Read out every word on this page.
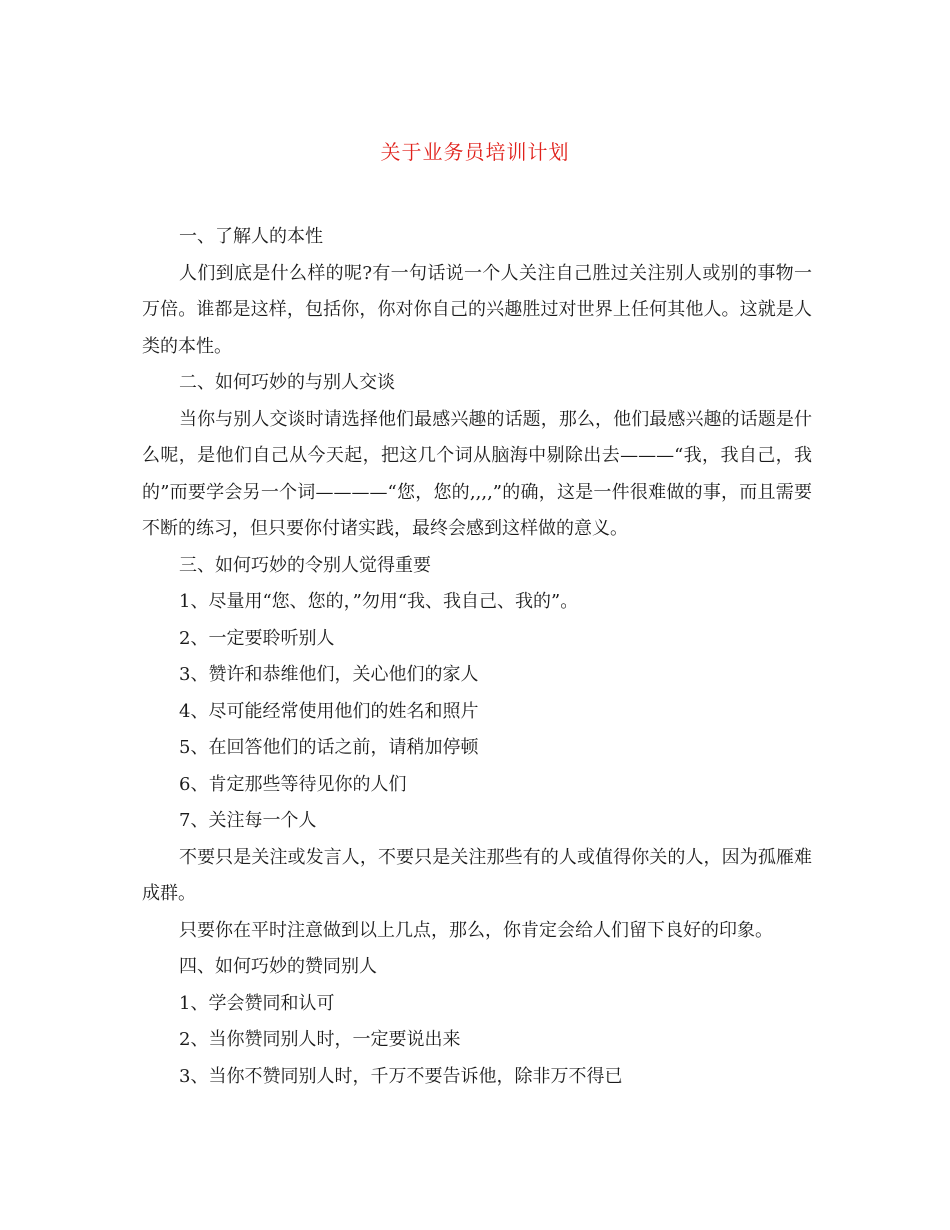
关于业务员培训计划

一、了解人的本性

人们到底是什么样的呢?有一句话说一个人关注自己胜过关注别人或别的事物一万倍。谁都是这样，包括你，你对你自己的兴趣胜过对世界上任何其他人。这就是人类的本性。

二、如何巧妙的与别人交谈

当你与别人交谈时请选择他们最感兴趣的话题，那么，他们最感兴趣的话题是什么呢，是他们自己从今天起，把这几个词从脑海中剔除出去———“我，我自己，我的”而要学会另一个词————“您，您的,,,,”的确，这是一件很难做的事，而且需要不断的练习，但只要你付诸实践，最终会感到这样做的意义。

三、如何巧妙的令别人觉得重要

1、尽量用“您、您的，”勿用“我、我自己、我的”。

2、一定要聆听别人

3、赞许和恭维他们，关心他们的家人

4、尽可能经常使用他们的姓名和照片

5、在回答他们的话之前，请稍加停顿

6、肯定那些等待见你的人们

7、关注每一个人

不要只是关注或发言人，不要只是关注那些有的人或值得你关的人，因为孤雁难成群。

只要你在平时注意做到以上几点，那么，你肯定会给人们留下良好的印象。

四、如何巧妙的赞同别人

1、学会赞同和认可

2、当你赞同别人时，一定要说出来

3、当你不赞同别人时，千万不要告诉他，除非万不得已
